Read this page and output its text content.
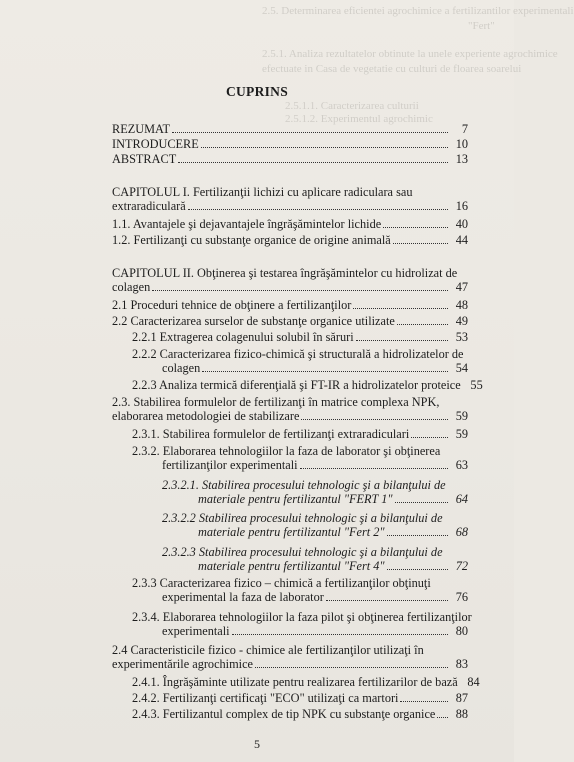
2.5. Determinarea eficientei agrochimice a fertilizantilor experimentali
"Fert"
2.5.1. Analiza rezultatelor obtinute la unele experiente agrochimice
efectuate in Casa de vegetatie cu culturi de floarea soarelui
2.5.1.1. Caracterizarea culturii
2.5.1.2. Experimentul agrochimic
CUPRINS
REZUMAT	7
INTRODUCERE	10
ABSTRACT	13
CAPITOLUL I. Fertilizanţii lichizi cu aplicare radiculara sau
extraradiculară	16
1.1. Avantajele şi dejavantajele îngrăşămintelor lichide	40
1.2. Fertilizanţi cu substanţe organice de origine animală	44
CAPITOLUL II. Obţinerea şi testarea îngrăşămintelor cu hidrolizat de
colagen	47
2.1 Proceduri tehnice de obţinere a fertilizanţilor	48
2.2 Caracterizarea surselor de substanţe organice utilizate	49
2.2.1 Extragerea colagenului solubil în săruri	53
2.2.2 Caracterizarea fizico-chimică şi structurală a hidrolizatelor de
colagen	54
2.2.3 Analiza termică diferenţială şi FT-IR a hidrolizatelor proteice 55
2.3. Stabilirea formulelor de fertilizanţi în matrice complexa NPK,
elaborarea metodologiei de stabilizare	59
2.3.1. Stabilirea formulelor de fertilizanţi extraradiculari	59
2.3.2. Elaborarea tehnologiilor la faza de laborator şi obţinerea
fertilizanţilor experimentali	63
2.3.2.1. Stabilirea procesului tehnologic şi a bilanţului de
materiale pentru fertilizantul "FERT 1"	64
2.3.2.2 Stabilirea procesului tehnologic şi a bilanţului de
materiale pentru fertilizantul "Fert 2"	68
2.3.2.3 Stabilirea procesului tehnologic şi a bilanţului de
materiale pentru fertilizantul "Fert 4"	72
2.3.3 Caracterizarea fizico – chimică a fertilizanţilor obţinuţi
experimental la faza de laborator	76
2.3.4. Elaborarea tehnologiilor la faza pilot şi obţinerea fertilizanţilor
experimentali	80
2.4 Caracteristicile fizico - chimice ale fertilizanţilor utilizaţi în
experimentările agrochimice	83
2.4.1. Îngrăşăminte utilizate pentru realizarea fertilizarilor de bază 84
2.4.2. Fertilizanţi certificaţi "ECO" utilizaţi ca martori	87
2.4.3. Fertilizantul complex de tip NPK cu substanţe organice	88
5
